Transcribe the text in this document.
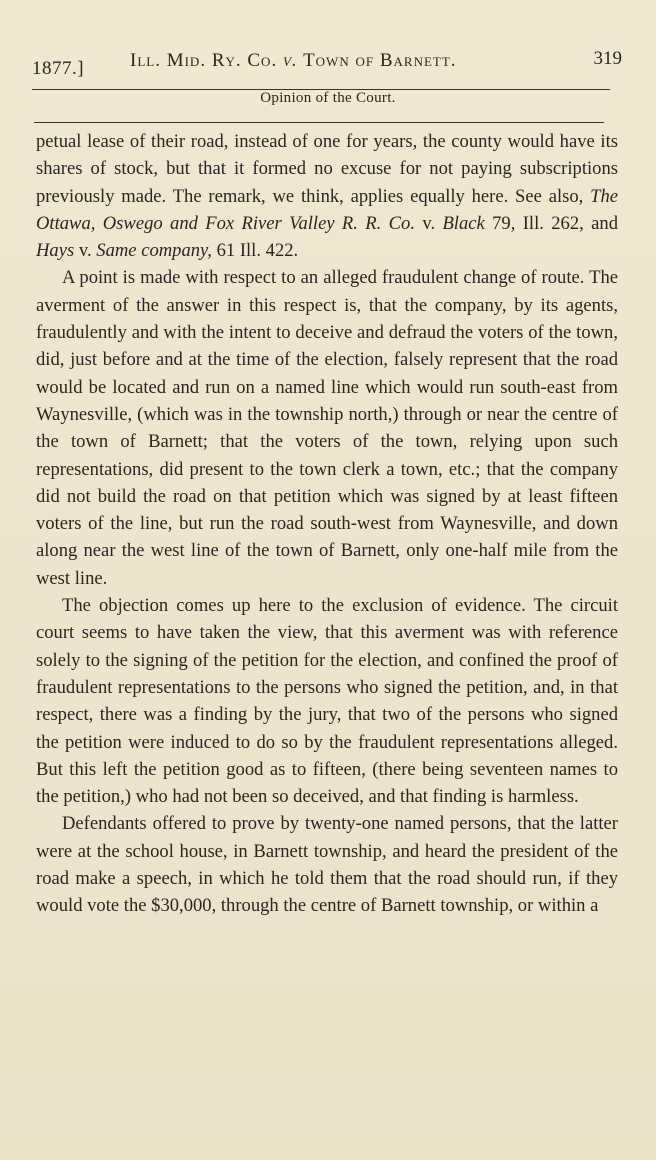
1877.] Ill. Mid. Ry. Co. v. Town of Barnett.	319
Opinion of the Court.

petual lease of their road, instead of one for years, the county would have its shares of stock, but that it formed no excuse for not paying subscriptions previously made. The remark, we think, applies equally here. See also, The Ottawa, Oswego and Fox River Valley R. R. Co. v. Black 79, Ill. 262, and Hays v. Same company, 61 Ill. 422.

A point is made with respect to an alleged fraudulent change of route. The averment of the answer in this respect is, that the company, by its agents, fraudulently and with the intent to deceive and defraud the voters of the town, did, just before and at the time of the election, falsely represent that the road would be located and run on a named line which would run south-east from Waynesville, (which was in the township north,) through or near the centre of the town of Barnett; that the voters of the town, relying upon such representations, did present to the town clerk a town, etc.; that the company did not build the road on that petition which was signed by at least fifteen voters of the line, but run the road south-west from Waynesville, and down along near the west line of the town of Barnett, only one-half mile from the west line.

The objection comes up here to the exclusion of evidence. The circuit court seems to have taken the view, that this averment was with reference solely to the signing of the petition for the election, and confined the proof of fraudulent representations to the persons who signed the petition, and, in that respect, there was a finding by the jury, that two of the persons who signed the petition were induced to do so by the fraudulent representations alleged. But this left the petition good as to fifteen, (there being seventeen names to the petition,) who had not been so deceived, and that finding is harmless.

Defendants offered to prove by twenty-one named persons, that the latter were at the school house, in Barnett township, and heard the president of the road make a speech, in which he told them that the road should run, if they would vote the $30,000, through the centre of Barnett township, or within a
